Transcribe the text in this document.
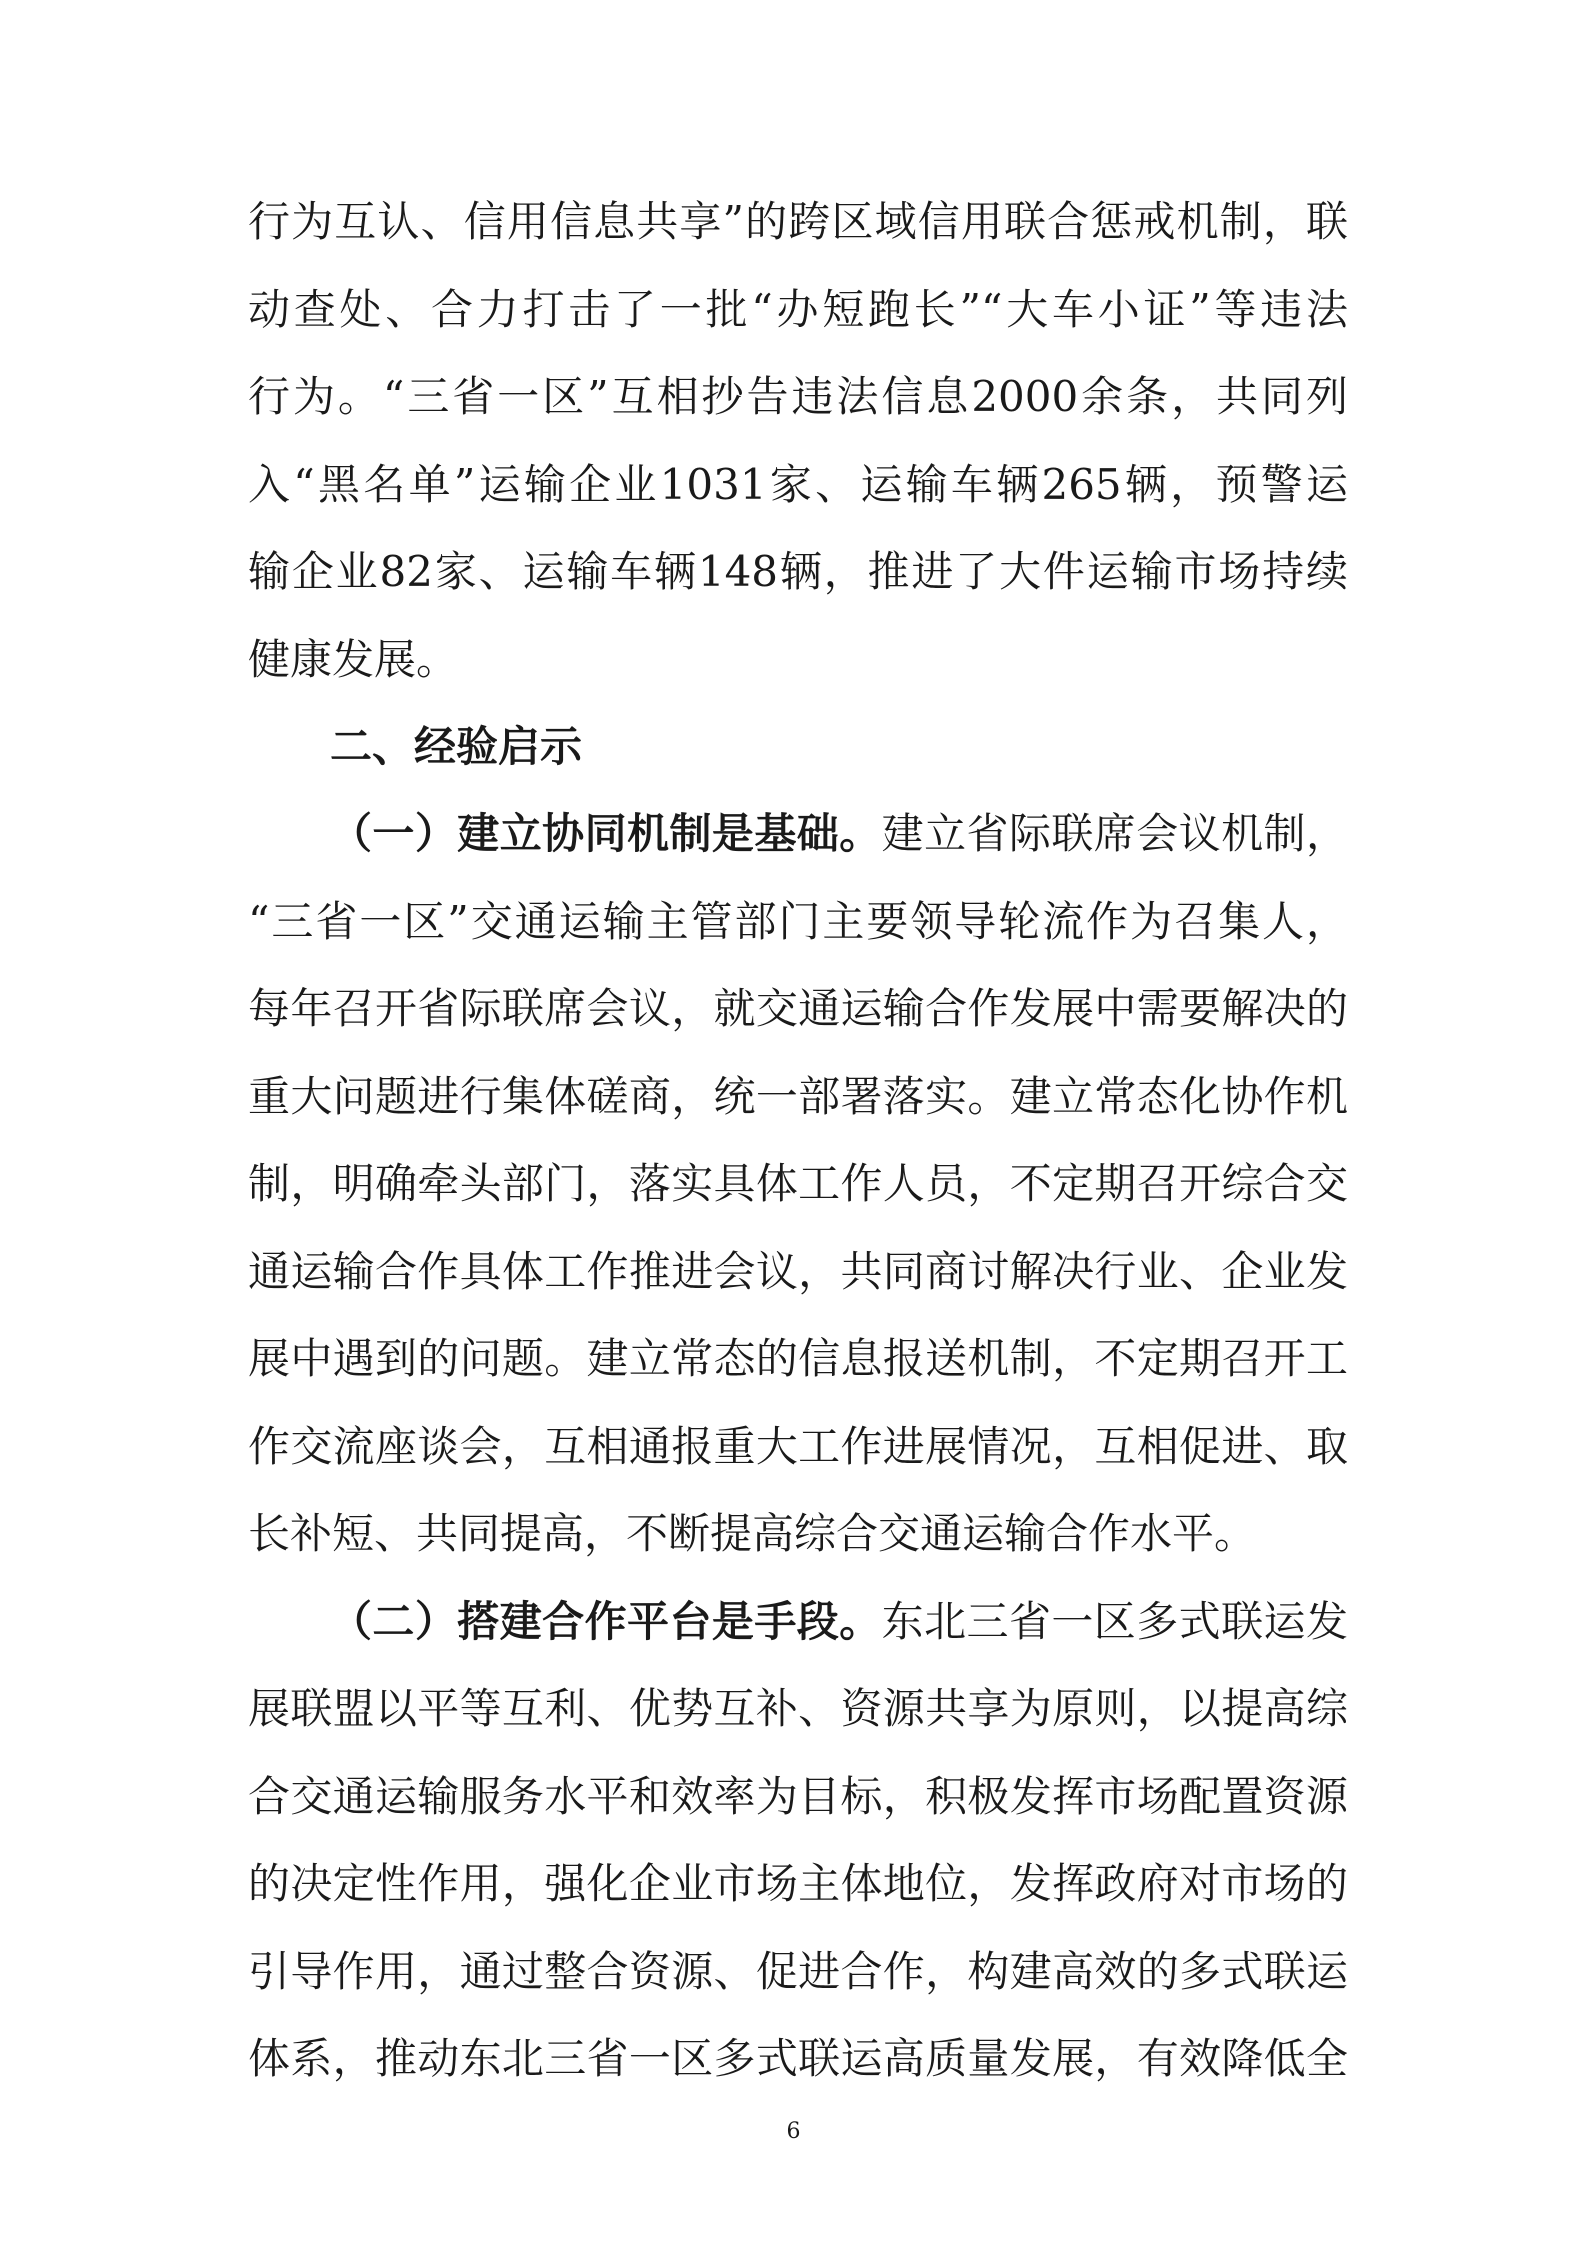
行为互认、信用信息共享”的跨区域信用联合惩戒机制，联
动查处、合力打击了一批“办短跑长”“大车小证”等违法
行为。“三省一区”互相抄告违法信息2000余条，共同列
入“黑名单”运输企业1031家、运输车辆265辆，预警运
输企业82家、运输车辆148辆，推进了大件运输市场持续
健康发展。
二、经验启示
（一）建立协同机制是基础。建立省际联席会议机制，
“三省一区”交通运输主管部门主要领导轮流作为召集人，
每年召开省际联席会议，就交通运输合作发展中需要解决的
重大问题进行集体磋商，统一部署落实。建立常态化协作机
制，明确牵头部门，落实具体工作人员，不定期召开综合交
通运输合作具体工作推进会议，共同商讨解决行业、企业发
展中遇到的问题。建立常态的信息报送机制，不定期召开工
作交流座谈会，互相通报重大工作进展情况，互相促进、取
长补短、共同提高，不断提高综合交通运输合作水平。
（二）搭建合作平台是手段。东北三省一区多式联运发
展联盟以平等互利、优势互补、资源共享为原则，以提高综
合交通运输服务水平和效率为目标，积极发挥市场配置资源
的决定性作用，强化企业市场主体地位，发挥政府对市场的
引导作用，通过整合资源、促进合作，构建高效的多式联运
体系，推动东北三省一区多式联运高质量发展，有效降低全
6
